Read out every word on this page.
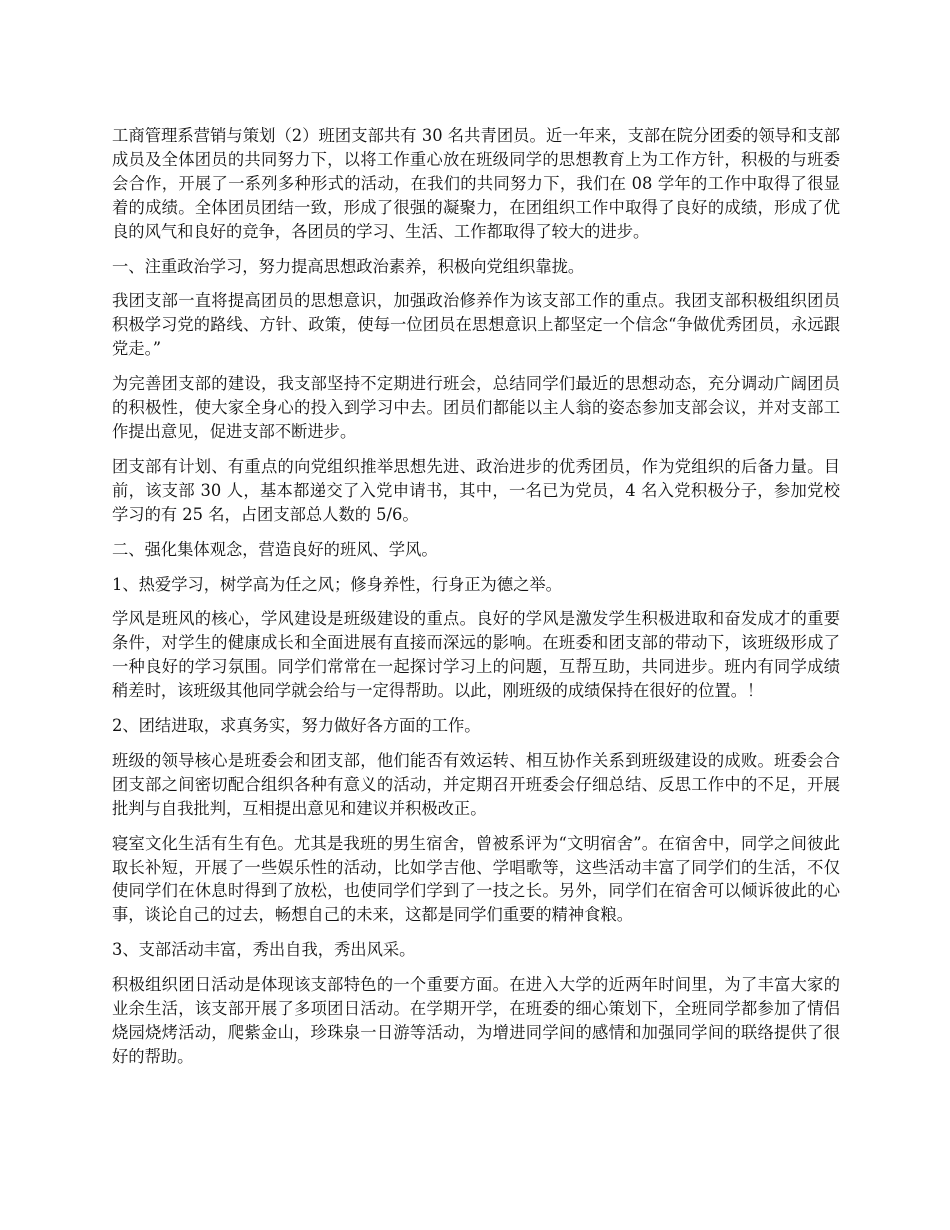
工商管理系营销与策划（2）班团支部共有 30 名共青团员。近一年来，支部在院分团委的领导和支部成员及全体团员的共同努力下，以将工作重心放在班级同学的思想教育上为工作方针，积极的与班委会合作，开展了一系列多种形式的活动，在我们的共同努力下，我们在 08 学年的工作中取得了很显着的成绩。全体团员团结一致，形成了很强的凝聚力，在团组织工作中取得了良好的成绩，形成了优良的风气和良好的竞争，各团员的学习、生活、工作都取得了较大的进步。

一、注重政治学习，努力提高思想政治素养，积极向党组织靠拢。

我团支部一直将提高团员的思想意识，加强政治修养作为该支部工作的重点。我团支部积极组织团员积极学习党的路线、方针、政策，使每一位团员在思想意识上都坚定一个信念“争做优秀团员，永远跟党走。”

为完善团支部的建设，我支部坚持不定期进行班会，总结同学们最近的思想动态，充分调动广阔团员的积极性，使大家全身心的投入到学习中去。团员们都能以主人翁的姿态参加支部会议，并对支部工作提出意见，促进支部不断进步。

团支部有计划、有重点的向党组织推举思想先进、政治进步的优秀团员，作为党组织的后备力量。目前，该支部 30 人，基本都递交了入党申请书，其中，一名已为党员，4 名入党积极分子，参加党校学习的有 25 名，占团支部总人数的 5/6。

二、强化集体观念，营造良好的班风、学风。

1、热爱学习，树学高为任之风；修身养性，行身正为德之举。

学风是班风的核心，学风建设是班级建设的重点。良好的学风是激发学生积极进取和奋发成才的重要条件，对学生的健康成长和全面进展有直接而深远的影响。在班委和团支部的带动下，该班级形成了一种良好的学习氛围。同学们常常在一起探讨学习上的问题，互帮互助，共同进步。班内有同学成绩稍差时，该班级其他同学就会给与一定得帮助。以此，刚班级的成绩保持在很好的位置。！

2、团结进取，求真务实，努力做好各方面的工作。

班级的领导核心是班委会和团支部，他们能否有效运转、相互协作关系到班级建设的成败。班委会合团支部之间密切配合组织各种有意义的活动，并定期召开班委会仔细总结、反思工作中的不足，开展批判与自我批判，互相提出意见和建议并积极改正。

寝室文化生活有生有色。尤其是我班的男生宿舍，曾被系评为“文明宿舍”。在宿舍中，同学之间彼此取长补短，开展了一些娱乐性的活动，比如学吉他、学唱歌等，这些活动丰富了同学们的生活，不仅使同学们在休息时得到了放松，也使同学们学到了一技之长。另外，同学们在宿舍可以倾诉彼此的心事，谈论自己的过去，畅想自己的未来，这都是同学们重要的精神食粮。

3、支部活动丰富，秀出自我，秀出风采。

积极组织团日活动是体现该支部特色的一个重要方面。在进入大学的近两年时间里，为了丰富大家的业余生活，该支部开展了多项团日活动。在学期开学，在班委的细心策划下，全班同学都参加了情侣烧园烧烤活动，爬紫金山，珍珠泉一日游等活动，为增进同学间的感情和加强同学间的联络提供了很好的帮助。
